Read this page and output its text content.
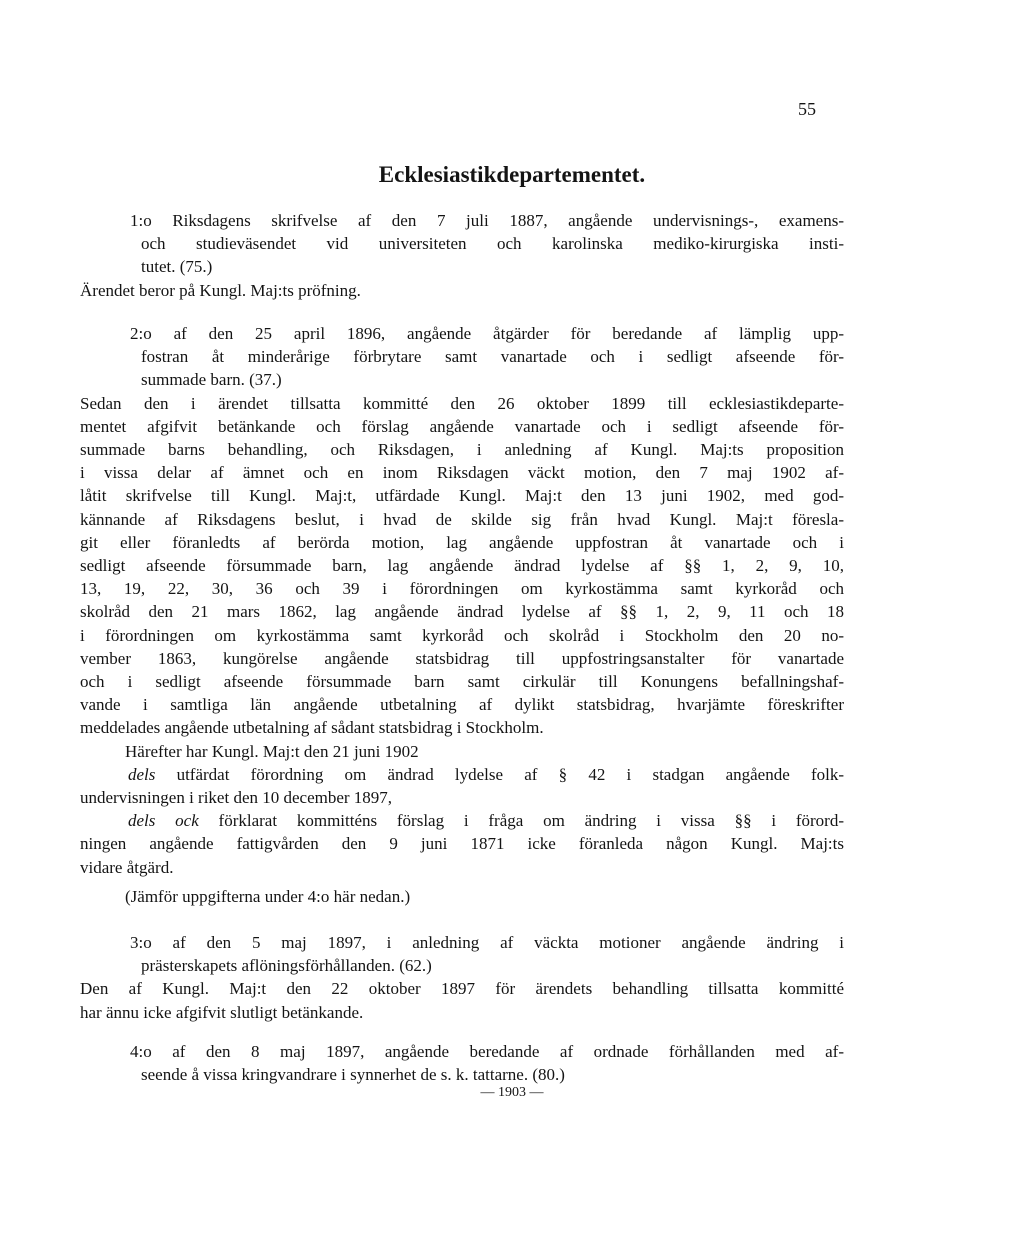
55
Ecklesiastikdepartementet.
1:o Riksdagens skrifvelse af den 7 juli 1887, angående undervisnings-, examens-
och studieväsendet vid universiteten och karolinska mediko-kirurgiska insti-
tutet. (75.)
Ärendet beror på Kungl. Maj:ts pröfning.
2:o af den 25 april 1896, angående åtgärder för beredande af lämplig upp-
fostran åt minderårige förbrytare samt vanartade och i sedligt afseende för-
summade barn. (37.)
Sedan den i ärendet tillsatta kommitté den 26 oktober 1899 till ecklesiastikdeparte-
mentet afgifvit betänkande och förslag angående vanartade och i sedligt afseende för-
summade barns behandling, och Riksdagen, i anledning af Kungl. Maj:ts proposition
i vissa delar af ämnet och en inom Riksdagen väckt motion, den 7 maj 1902 af-
låtit skrifvelse till Kungl. Maj:t, utfärdade Kungl. Maj:t den 13 juni 1902, med god-
kännande af Riksdagens beslut, i hvad de skilde sig från hvad Kungl. Maj:t föresla-
git eller föranledts af berörda motion, lag angående uppfostran åt vanartade och i
sedligt afseende försummade barn, lag angående ändrad lydelse af §§ 1, 2, 9, 10,
13, 19, 22, 30, 36 och 39 i förordningen om kyrkostämma samt kyrkoråd och
skolråd den 21 mars 1862, lag angående ändrad lydelse af §§ 1, 2, 9, 11 och 18
i förordningen om kyrkostämma samt kyrkoråd och skolråd i Stockholm den 20 no-
vember 1863, kungörelse angående statsbidrag till uppfostringsanstalter för vanartade
och i sedligt afseende försummade barn samt cirkulär till Konungens befallningshaf-
vande i samtliga län angående utbetalning af dylikt statsbidrag, hvarjämte föreskrifter
meddelades angående utbetalning af sådant statsbidrag i Stockholm.
Härefter har Kungl. Maj:t den 21 juni 1902
dels utfärdat förordning om ändrad lydelse af § 42 i stadgan angående folk-
undervisningen i riket den 10 december 1897,
dels ock förklarat kommitténs förslag i fråga om ändring i vissa §§ i förord-
ningen angående fattigvården den 9 juni 1871 icke föranleda någon Kungl. Maj:ts
vidare åtgärd.
(Jämför uppgifterna under 4:o här nedan.)
3:o af den 5 maj 1897, i anledning af väckta motioner angående ändring i
prästerskapets aflöningsförhållanden. (62.)
Den af Kungl. Maj:t den 22 oktober 1897 för ärendets behandling tillsatta kommitté
har ännu icke afgifvit slutligt betänkande.
4:o af den 8 maj 1897, angående beredande af ordnade förhållanden med af-
seende å vissa kringvandrare i synnerhet de s. k. tattarne. (80.)
— 1903 —
